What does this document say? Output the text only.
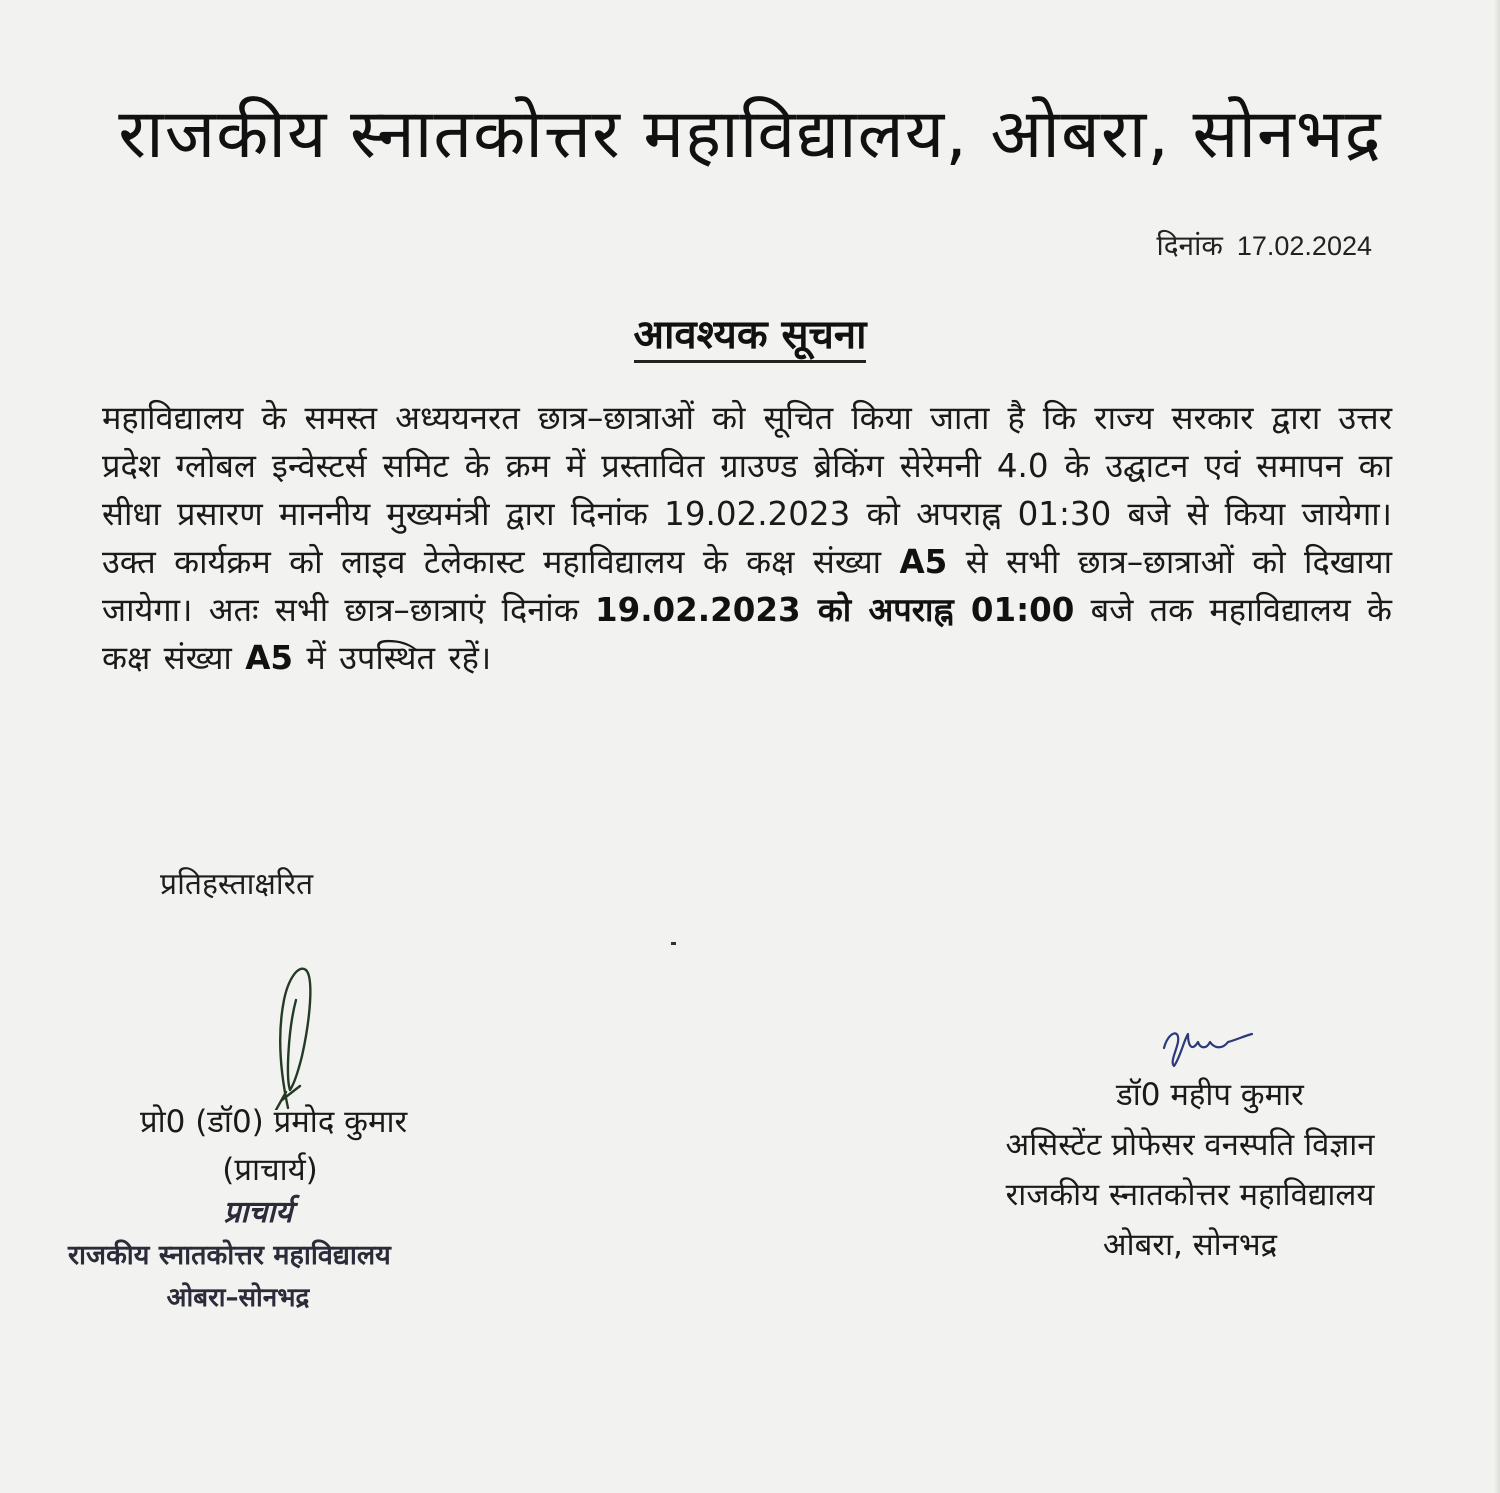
राजकीय स्नातकोत्तर महाविद्यालय, ओबरा, सोनभद्र
दिनांक 17.02.2024
आवश्यक सूचना
महाविद्यालय के समस्त अध्ययनरत छात्र–छात्राओं को सूचित किया जाता है कि राज्य सरकार द्वारा उत्तर प्रदेश ग्लोबल इन्वेस्टर्स समिट के क्रम में प्रस्तावित ग्राउण्ड ब्रेकिंग सेरेमनी 4.0 के उद्घाटन एवं समापन का सीधा प्रसारण माननीय मुख्यमंत्री द्वारा दिनांक 19.02.2023 को अपराह्न 01:30 बजे से किया जायेगा। उक्त कार्यक्रम को लाइव टेलेकास्ट महाविद्यालय के कक्ष संख्या A5 से सभी छात्र–छात्राओं को दिखाया जायेगा। अतः सभी छात्र–छात्राएं दिनांक 19.02.2023 को अपराह्न 01:00 बजे तक महाविद्यालय के कक्ष संख्या A5 में उपस्थित रहें।
प्रतिहस्ताक्षरित
प्रो0 (डॉ0) प्रमोद कुमार
(प्राचार्य)
प्राचार्य
राजकीय स्नातकोत्तर महाविद्यालय
ओबरा–सोनभद्र
डॉ0 महीप कुमार
असिस्टेंट प्रोफेसर वनस्पति विज्ञान
राजकीय स्नातकोत्तर महाविद्यालय
ओबरा, सोनभद्र
